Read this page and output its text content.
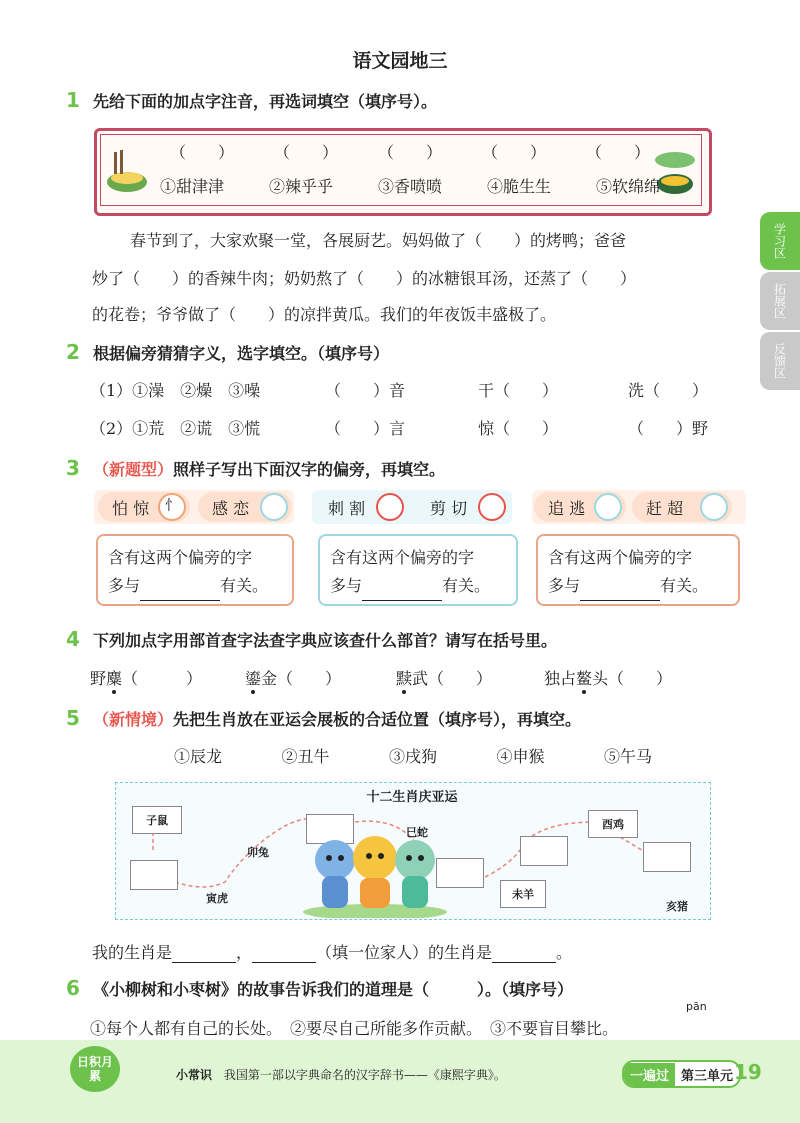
语文园地三
学习区
拓展区
反馈区
1 先给下面的加点字注音，再选词填空（填序号）。
（　　） （　　） （　　） （　　） （　　）
①甜津津	②辣乎乎	③香喷喷	④脆生生	⑤软绵绵
春节到了，大家欢聚一堂，各展厨艺。妈妈做了（　　）的烤鸭；爸爸
炒了（　　）的香辣牛肉；奶奶熬了（　　）的冰糖银耳汤，还蒸了（　　）
的花卷；爷爷做了（　　）的凉拌黄瓜。我们的年夜饭丰盛极了。
2 根据偏旁猜猜字义，选字填空。（填序号）
（1）①澡　②燥　③噪	（　　）音	干（　　）	洗（　　）
（2）①荒　②谎　③慌	（　　）言	惊（　　）	（　　）野
3 （新题型）照样子写出下面汉字的偏旁，再填空。
怕 惊	忄	感 恋
含有这两个偏旁的字
多与	有关。
刺 割	剪 切
含有这两个偏旁的字
多与	有关。
追 逃	赶 超
含有这两个偏旁的字
多与	有关。
4 下列加点字用部首查字法查字典应该查什么部首？请写在括号里。
野麋（　　　）	鎏金（　　）	黩武（　　）	独占鳌头（　　）
5 （新情境）先把生肖放在亚运会展板的合适位置（填序号），再填空。
①辰龙	②丑牛	③戌狗	④申猴	⑤午马
十二生肖庆亚运
子鼠
寅虎
卯兔
巳蛇
未羊
酉鸡
亥猪
我的生肖是	，	（填一位家人）的生肖是	。
6 《小柳树和小枣树》的故事告诉我们的道理是（　　　）。（填序号）
pān
①每个人都有自己的长处。　②要尽自己所能多作贡献。　③不要盲目攀比。
日积月累	小常识 我国第一部以字典命名的汉字辞书——《康熙字典》。	一遍过 第三单元 19
